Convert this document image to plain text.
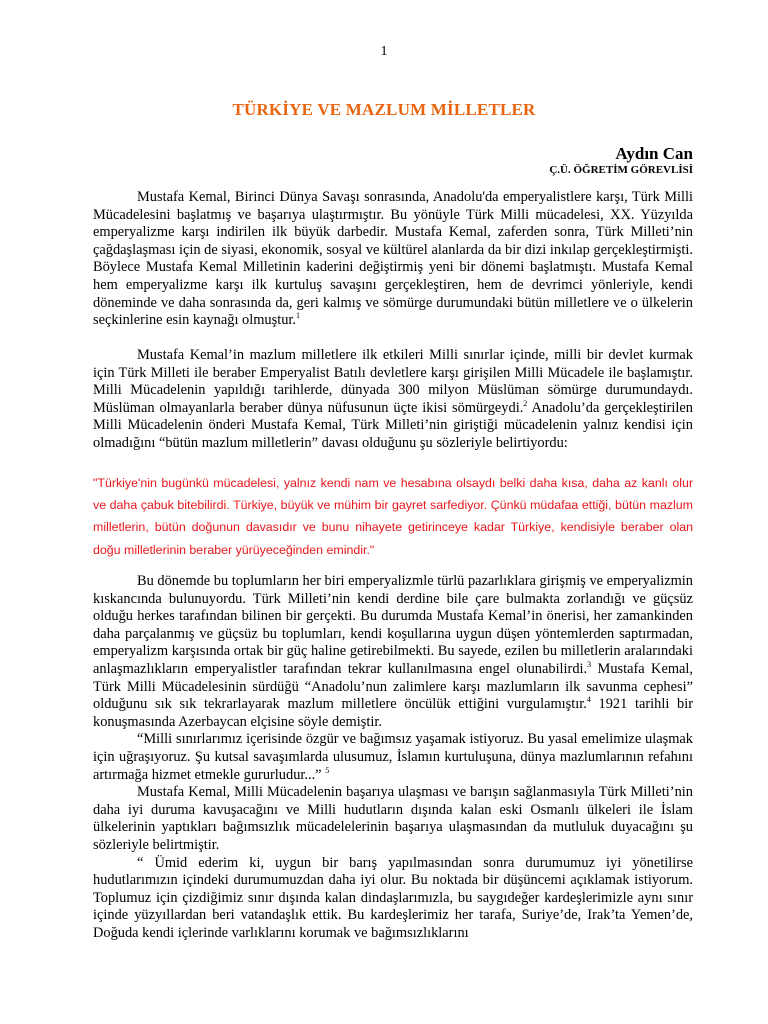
1
TÜRKİYE VE MAZLUM MİLLETLER
Aydın Can
Ç.Ü. ÖĞRETİM GÖREVLİSİ

Mustafa Kemal, Birinci Dünya Savaşı sonrasında, Anadolu'da emperyalistlere karşı, Türk Milli Mücadelesini başlatmış ve başarıya ulaştırmıştır. Bu yönüyle Türk Milli mücadelesi, XX. Yüzyılda emperyalizme karşı indirilen ilk büyük darbedir. Mustafa Kemal, zaferden sonra, Türk Milleti’nin çağdaşlaşması için de siyasi, ekonomik, sosyal ve kültürel alanlarda da bir dizi inkılap gerçekleştirmişti. Böylece Mustafa Kemal Milletinin kaderini değiştirmiş yeni bir dönemi başlatmıştı. Mustafa Kemal hem emperyalizme karşı ilk kurtuluş savaşını gerçekleştiren, hem de devrimci yönleriyle, kendi döneminde ve daha sonrasında da, geri kalmış ve sömürge durumundaki bütün milletlere ve o ülkelerin seçkinlerine esin kaynağı olmuştur.$^1$

Mustafa Kemal’in mazlum milletlere ilk etkileri Milli sınırlar içinde, milli bir devlet kurmak için Türk Milleti ile beraber Emperyalist Batılı devletlere karşı girişilen Milli Mücadele ile başlamıştır. Milli Mücadelenin yapıldığı tarihlerde, dünyada 300 milyon Müslüman sömürge durumundaydı. Müslüman olmayanlarla beraber dünya nüfusunun üçte ikisi sömürgeydi.$^2$ Anadolu’da gerçekleştirilen Milli Mücadelenin önderi Mustafa Kemal, Türk Milleti’nin giriştiği mücadelenin yalnız kendisi için olmadığını “bütün mazlum milletlerin” davası olduğunu şu sözleriyle belirtiyordu:

"Türkiye'nin bugünkü mücadelesi, yalnız kendi nam ve hesabına olsaydı belki daha kısa, daha az kanlı olur ve daha çabuk bitebilirdi. Türkiye, büyük ve mühim bir gayret sarfediyor. Çünkü müdafaa ettiği, bütün mazlum milletlerin, bütün doğunun davasıdır ve bunu nihayete getirinceye kadar Türkiye, kendisiyle beraber olan doğu milletlerinin beraber yürüyeceğinden emindir."

Bu dönemde bu toplumların her biri emperyalizmle türlü pazarlıklara girişmiş ve emperyalizmin kıskancında bulunuyordu. Türk Milleti’nin kendi derdine bile çare bulmakta zorlandığı ve güçsüz olduğu herkes tarafından bilinen bir gerçekti. Bu durumda Mustafa Kemal’in önerisi, her zamankinden daha parçalanmış ve güçsüz bu toplumları, kendi koşullarına uygun düşen yöntemlerden saptırmadan, emperyalizm karşısında ortak bir güç haline getirebilmekti. Bu sayede, ezilen bu milletlerin aralarındaki anlaşmazlıkların emperyalistler tarafından tekrar kullanılmasına engel olunabilirdi.$^3$ Mustafa Kemal, Türk Milli Mücadelesinin sürdüğü “Anadolu’nun zalimlere karşı mazlumların ilk savunma cephesi” olduğunu sık sık tekrarlayarak mazlum milletlere öncülük ettiğini vurgulamıştır.$^4$ 1921 tarihli bir konuşmasında Azerbaycan elçisine söyle demiştir.

“Milli sınırlarımız içerisinde özgür ve bağımsız yaşamak istiyoruz. Bu yasal emelimize ulaşmak için uğraşıyoruz. Şu kutsal savaşımlarda ulusumuz, İslamın kurtuluşuna, dünya mazlumlarının refahını artırmağa hizmet etmekle gururludur...” $^5$

Mustafa Kemal, Milli Mücadelenin başarıya ulaşması ve barışın sağlanmasıyla Türk Milleti’nin daha iyi duruma kavuşacağını ve Milli hudutların dışında kalan eski Osmanlı ülkeleri ile İslam ülkelerinin yaptıkları bağımsızlık mücadelelerinin başarıya ulaşmasından da mutluluk duyacağını şu sözleriyle belirtmiştir.

“ Ümid ederim ki, uygun bir barış yapılmasından sonra durumumuz iyi yönetilirse hudutlarımızın içindeki durumumuzdan daha iyi olur. Bu noktada bir düşüncemi açıklamak istiyorum. Toplumuz için çizdiğimiz sınır dışında kalan dindaşlarımızla, bu saygıdeğer kardeşlerimizle aynı sınır içinde yüzyıllardan beri vatandaşlık ettik. Bu kardeşlerimiz her tarafa, Suriye’de, Irak’ta Yemen’de, Doğuda kendi içlerinde varlıklarını korumak ve bağımsızlıklarını
